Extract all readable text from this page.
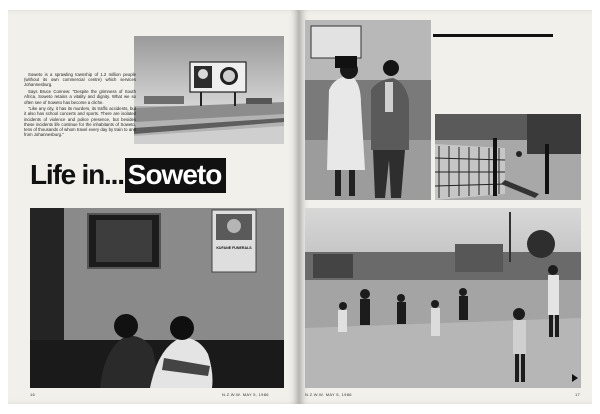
Soweto is a sprawling township of 1.2 million people (without its own commercial centre) which services Johannesburg.

Says Bruce Connew: "Despite the grimness of South Africa, Soweto retains a vitality and dignity. What we so often see of Soweto has become a cliche.

"Like any city, it has its murders, its traffic accidents, but it also has school concerts and sports. There are isolated incidents of violence and police presence, but besides these incidents life continue for the inhabitants of Soweto, tens of thousands of whom travel every day by train to and from Johannesburg."

Life in... Soweto
KUFANE FUNERALS
16	N.Z.W.W. MAY 5, 1986	N.Z.W.W. MAY 5, 1986	17
